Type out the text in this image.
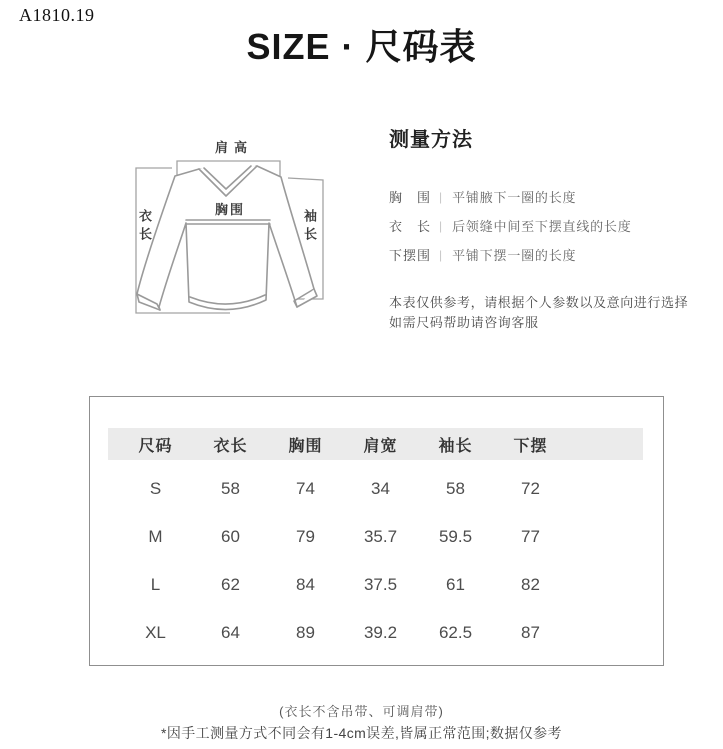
A1810.19
SIZE · 尺码表
肩高
胸围
衣长	袖长
测量方法
胸　围 | 平铺腋下一圈的长度
衣　长 | 后领缝中间至下摆直线的长度
下摆围 | 平铺下摆一圈的长度
本表仅供参考，请根据个人参数以及意向进行选择
如需尺码帮助请咨询客服
尺码	衣长	胸围	肩宽	袖长	下摆
S	58	74	34	58	72
M	60	79	35.7	59.5	77
L	62	84	37.5	61	82
XL	64	89	39.2	62.5	87
(衣长不含吊带、可调肩带)
*因手工测量方式不同会有1-4cm误差,皆属正常范围;数据仅参考
